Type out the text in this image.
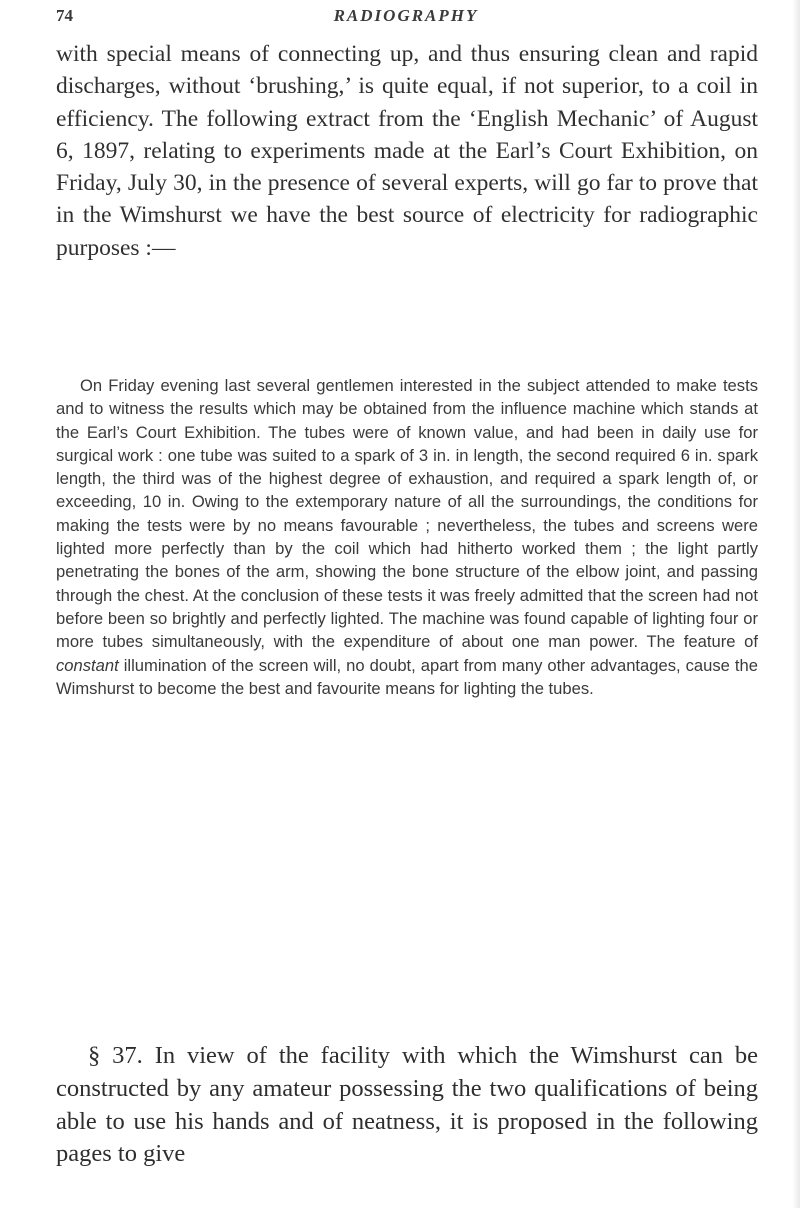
74	RADIOGRAPHY

with special means of connecting up, and thus ensuring clean and rapid discharges, without ‘brushing,’ is quite equal, if not superior, to a coil in efficiency. The following extract from the ‘English Mechanic’ of August 6, 1897, relating to experiments made at the Earl’s Court Exhibition, on Friday, July 30, in the presence of several experts, will go far to prove that in the Wimshurst we have the best source of electricity for radiographic purposes :—

On Friday evening last several gentlemen interested in the subject attended to make tests and to witness the results which may be obtained from the influence machine which stands at the Earl’s Court Exhibition. The tubes were of known value, and had been in daily use for surgical work : one tube was suited to a spark of 3 in. in length, the second required 6 in. spark length, the third was of the highest degree of exhaustion, and required a spark length of, or exceeding, 10 in. Owing to the extemporary nature of all the surroundings, the conditions for making the tests were by no means favourable ; nevertheless, the tubes and screens were lighted more perfectly than by the coil which had hitherto worked them ; the light partly penetrating the bones of the arm, showing the bone structure of the elbow joint, and passing through the chest. At the conclusion of these tests it was freely admitted that the screen had not before been so brightly and perfectly lighted. The machine was found capable of lighting four or more tubes simultaneously, with the expenditure of about one man power. The feature of constant illumination of the screen will, no doubt, apart from many other advantages, cause the Wimshurst to become the best and favourite means for lighting the tubes.

§ 37. In view of the facility with which the Wimshurst can be constructed by any amateur possessing the two qualifications of being able to use his hands and of neatness, it is proposed in the following pages to give
